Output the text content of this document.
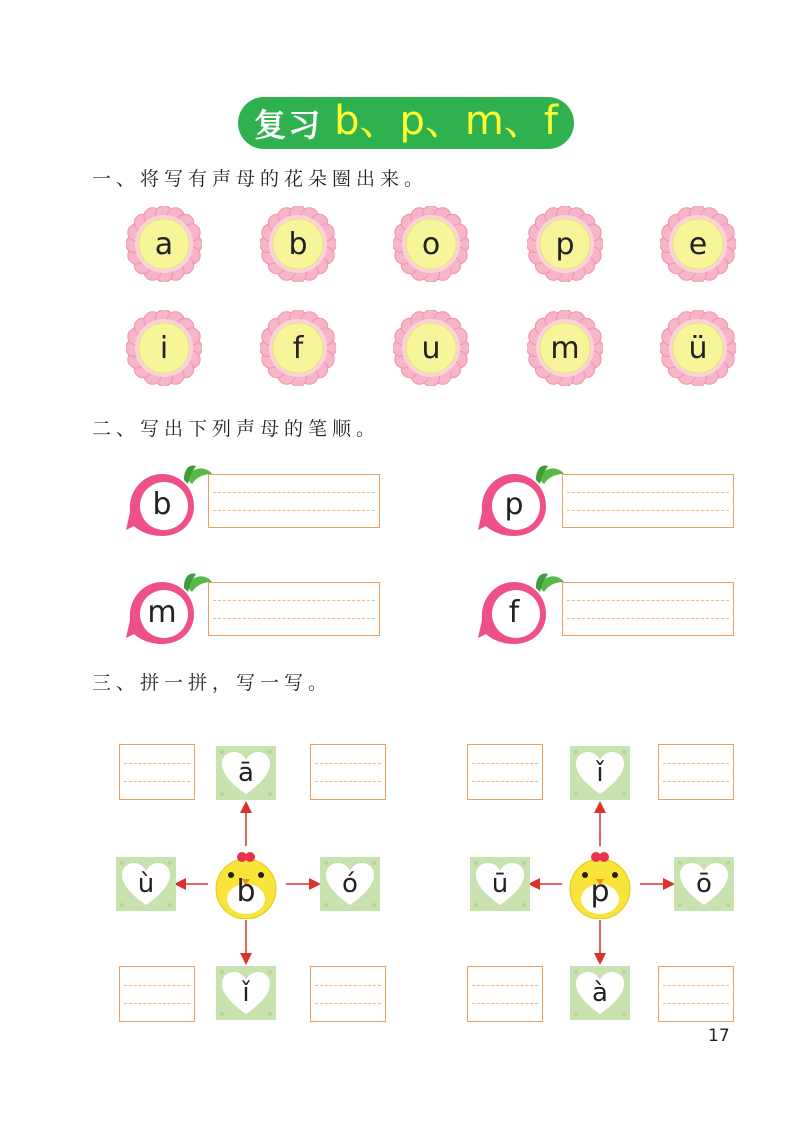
复习 b、p、m、f
一、将写有声母的花朵圈出来。
a	b	o	p	e
i	f	u	m	ü
二、写出下列声母的笔顺。
b	p
m	f
三、拼一拼，写一写。
ā
ù	ó
ǐ
b
ǐ
ū	ō
à
p
17
